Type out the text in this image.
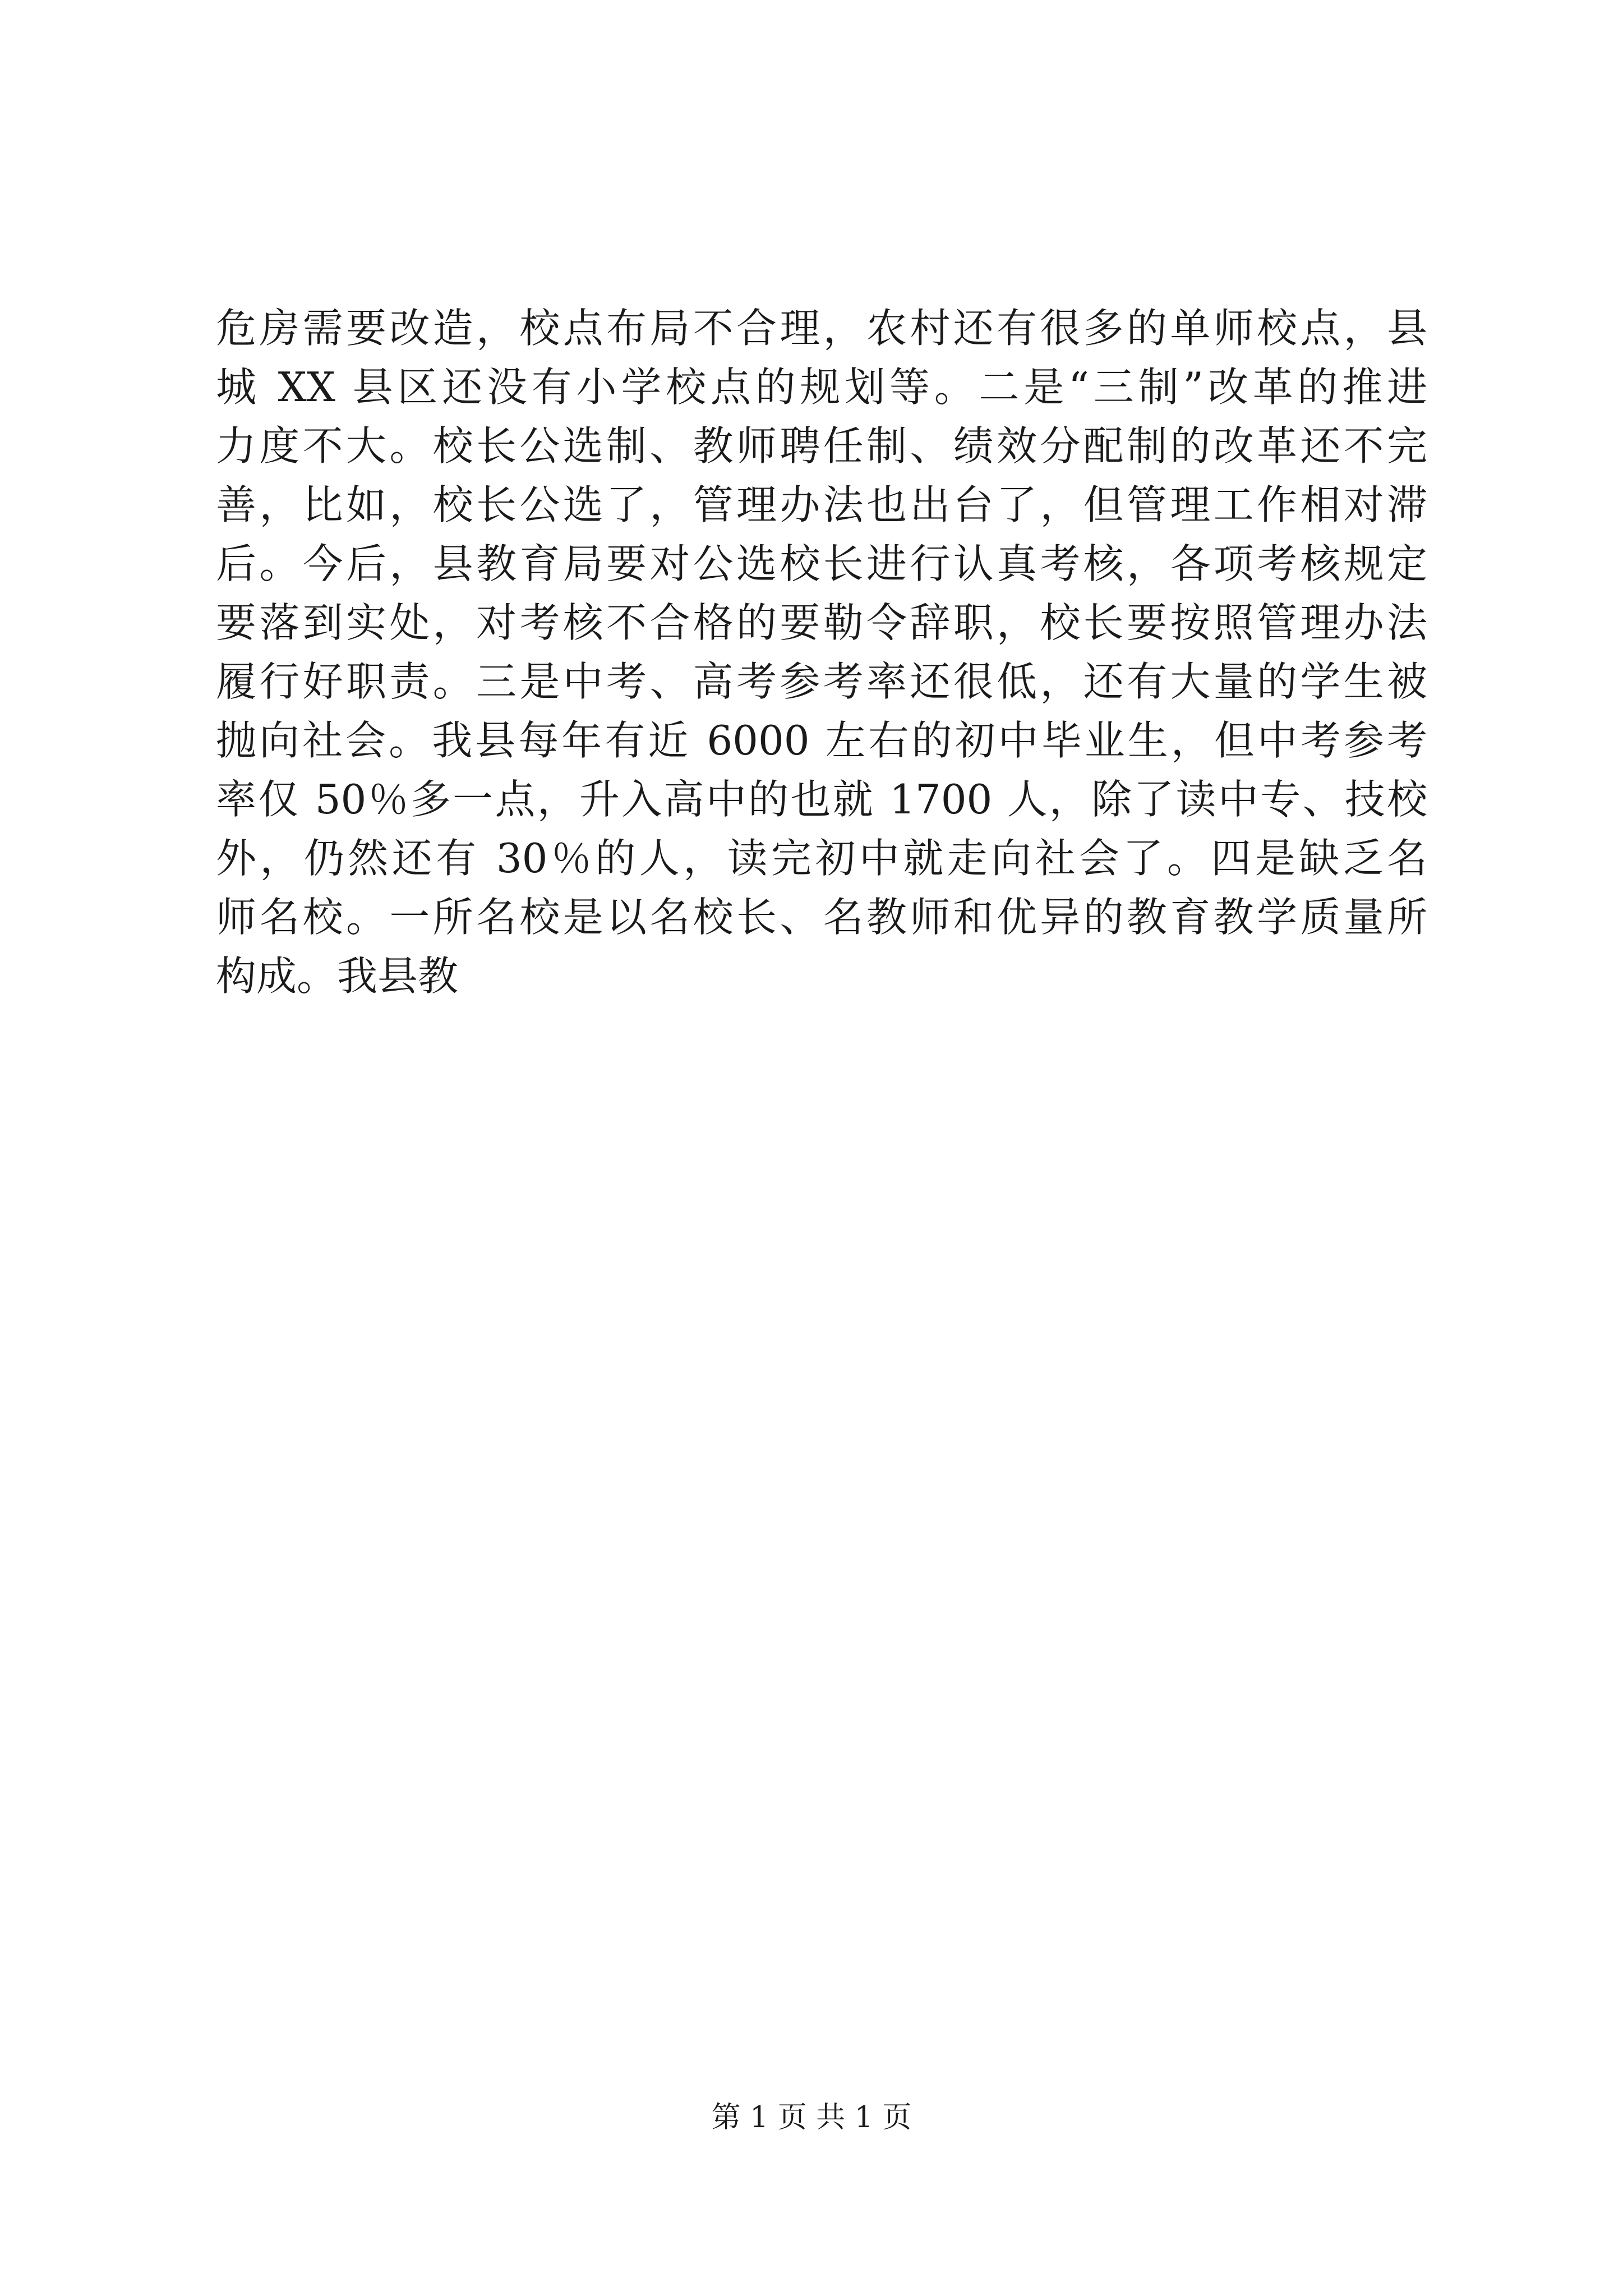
危房需要改造，校点布局不合理，农村还有很多的单师校点，县
城 XX 县区还没有小学校点的规划等。二是“三制”改革的推进
力度不大。校长公选制、教师聘任制、绩效分配制的改革还不完
善，比如，校长公选了，管理办法也出台了，但管理工作相对滞
后。今后，县教育局要对公选校长进行认真考核，各项考核规定
要落到实处，对考核不合格的要勒令辞职，校长要按照管理办法
履行好职责。三是中考、高考参考率还很低，还有大量的学生被
抛向社会。我县每年有近 6000 左右的初中毕业生，但中考参考
率仅 50％多一点，升入高中的也就 1700 人，除了读中专、技校
外，仍然还有 30％的人，读完初中就走向社会了。四是缺乏名
师名校。一所名校是以名校长、名教师和优异的教育教学质量所
构成。我县教
第 1 页 共 1 页
